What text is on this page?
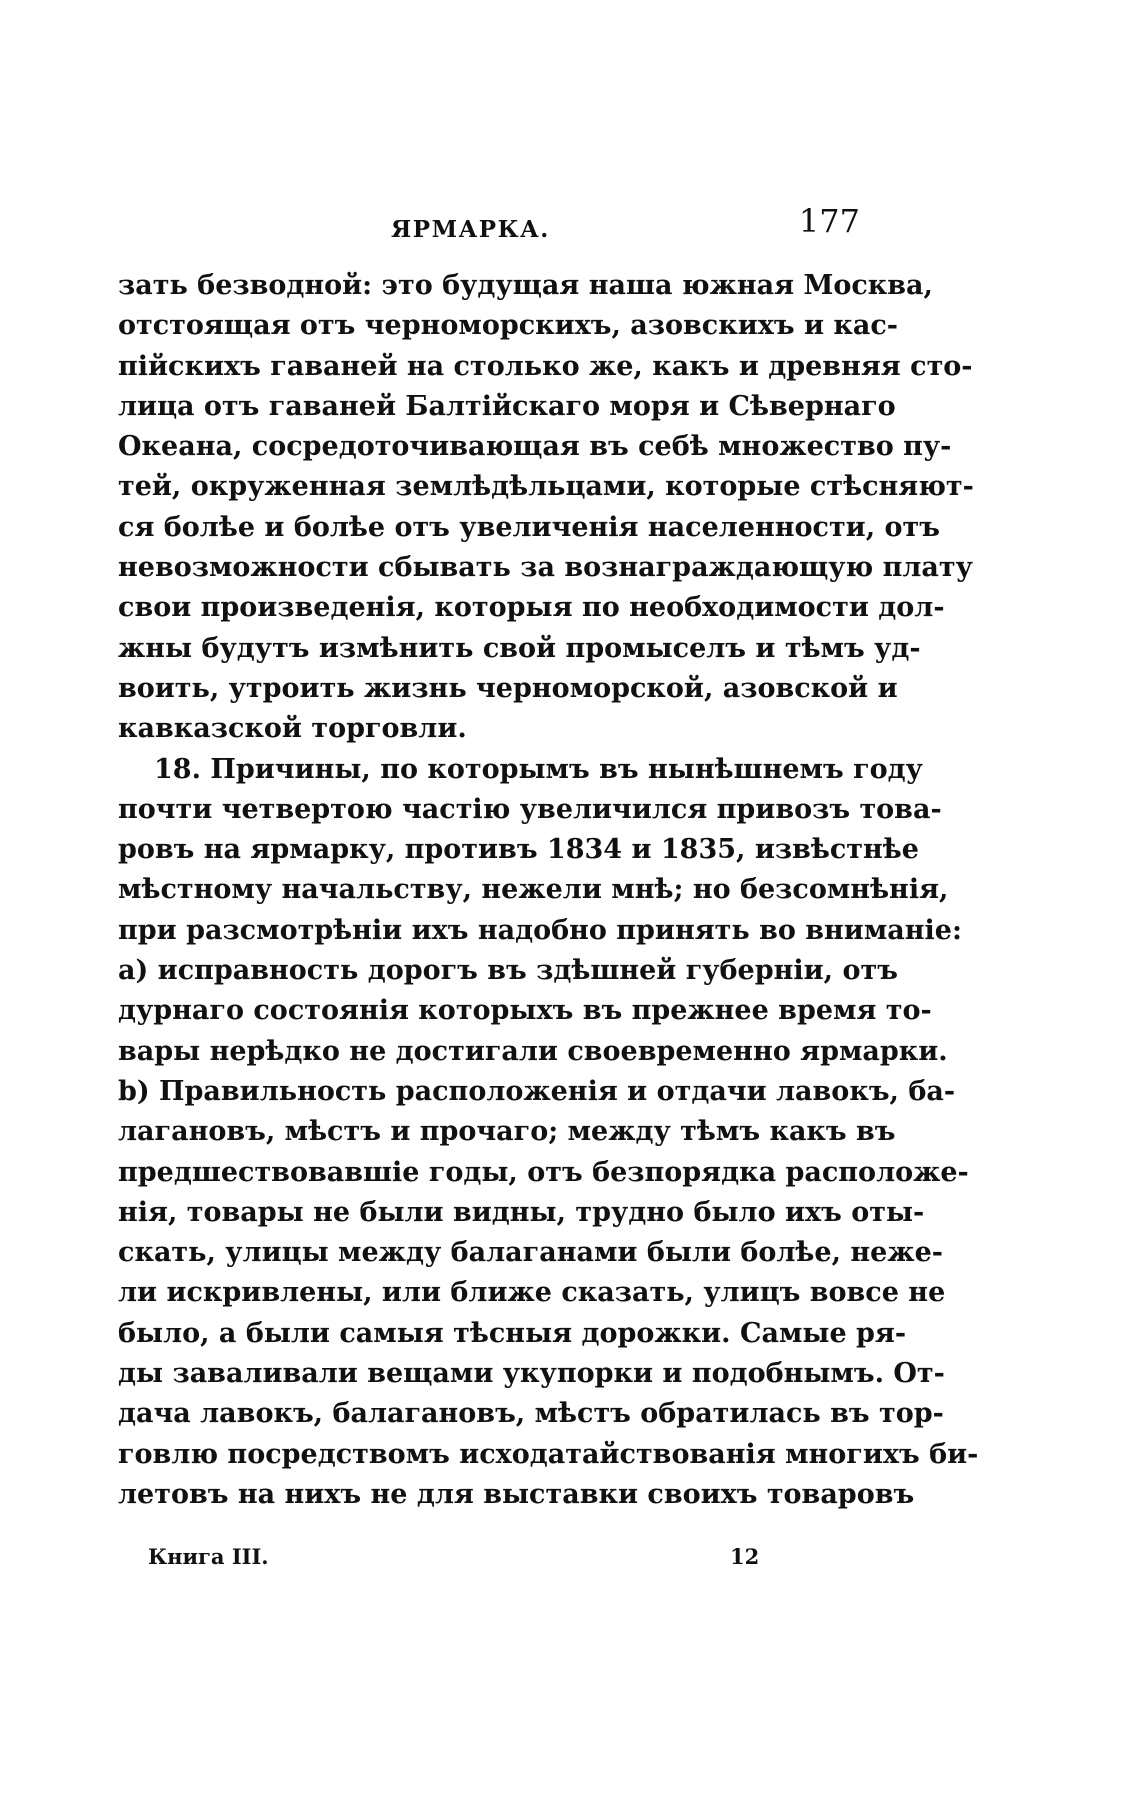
ЯРМАРКА.	177
зать безводной: это будущая наша южная Москва,
отстоящая отъ черноморскихъ, азовскихъ и кас-
пiйскихъ гаваней на столько же, какъ и древняя сто-
лица отъ гаваней Балтiйскаго моря и Сѣвернаго
Океана, сосредоточивающая въ себѣ множество пу-
тей, окруженная землѣдѣльцами, которые стѣсняют-
ся болѣе и болѣе отъ увеличенiя населенности, отъ
невозможности сбывать за вознаграждающую плату
свои произведенiя, которыя по необходимости дол-
жны будутъ измѣнить свой промыселъ и тѣмъ уд-
воить, утроить жизнь черноморской, азовской и
кавказской торговли.
18. Причины, по которымъ въ нынѣшнемъ году
почти четвертою частiю увеличился привозъ това-
ровъ на ярмарку, противъ 1834 и 1835, извѣстнѣе
мѣстному начальству, нежели мнѣ; но безсомнѣнiя,
при разсмотрѣнiи ихъ надобно принять во вниманiе:
a) исправность дорогъ въ здѣшней губернiи, отъ
дурнаго состоянiя которыхъ въ прежнее время то-
вары нерѣдко не достигали своевременно ярмарки.
b) Правильность расположенiя и отдачи лавокъ, ба-
лагановъ, мѣстъ и прочаго; между тѣмъ какъ въ
предшествовавшiе годы, отъ безпорядка расположе-
нiя, товары не были видны, трудно было ихъ оты-
скать, улицы между балаганами были болѣе, неже-
ли искривлены, или ближе сказать, улицъ вовсе не
было, а были самыя тѣсныя дорожки. Самые ря-
ды заваливали вещами укупорки и подобнымъ. От-
дача лавокъ, балагановъ, мѣстъ обратилась въ тор-
говлю посредствомъ исходатайствованiя многихъ би-
летовъ на нихъ не для выставки своихъ товаровъ
Книга III.	12
